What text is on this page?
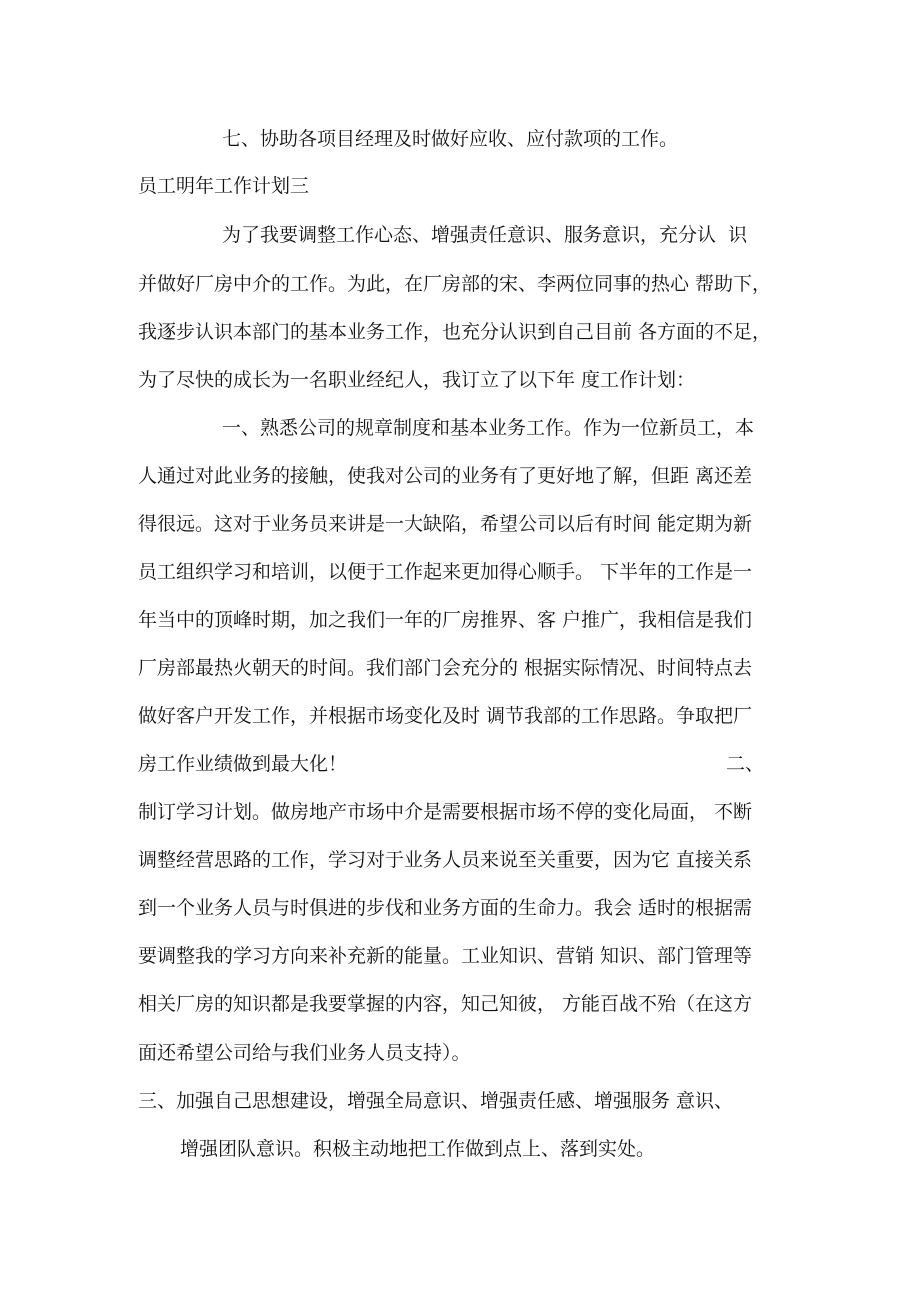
七、协助各项目经理及时做好应收、应付款项的工作。
员工明年工作计划三
为了我要调整工作心态、增强责任意识、服务意识，充分认  识
并做好厂房中介的工作。为此，在厂房部的宋、李两位同事的热心 帮助下，
我逐步认识本部门的基本业务工作，也充分认识到自己目前 各方面的不足，
为了尽快的成长为一名职业经纪人，我订立了以下年 度工作计划：
一、熟悉公司的规章制度和基本业务工作。作为一位新员工，本
人通过对此业务的接触，使我对公司的业务有了更好地了解，但距 离还差
得很远。这对于业务员来讲是一大缺陷，希望公司以后有时间 能定期为新
员工组织学习和培训，以便于工作起来更加得心顺手。 下半年的工作是一
年当中的顶峰时期，加之我们一年的厂房推界、客 户推广，我相信是我们
厂房部最热火朝天的时间。我们部门会充分的 根据实际情况、时间特点去
做好客户开发工作，并根据市场变化及时 调节我部的工作思路。争取把厂
房工作业绩做到最大化！	二、
制订学习计划。做房地产市场中介是需要根据市场不停的变化局面， 不断
调整经营思路的工作，学习对于业务人员来说至关重要，因为它 直接关系
到一个业务人员与时俱进的步伐和业务方面的生命力。我会 适时的根据需
要调整我的学习方向来补充新的能量。工业知识、营销 知识、部门管理等
相关厂房的知识都是我要掌握的内容，知己知彼， 方能百战不殆（在这方
面还希望公司给与我们业务人员支持）。
三、加强自己思想建设，增强全局意识、增强责任感、增强服务 意识、
增强团队意识。积极主动地把工作做到点上、落到实处。
